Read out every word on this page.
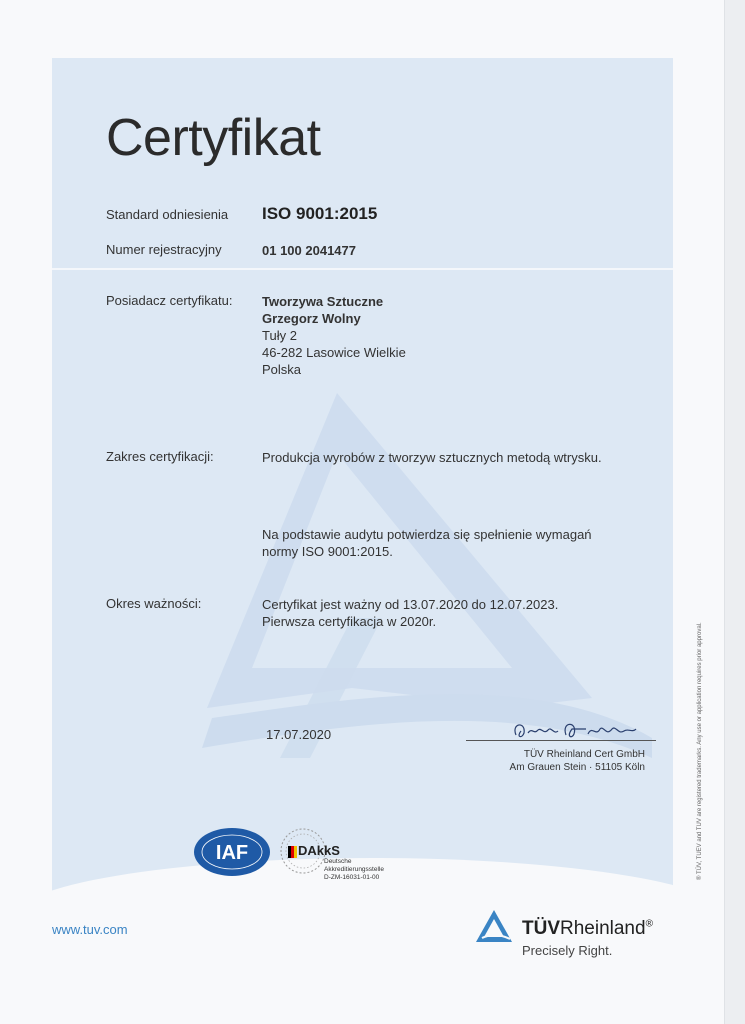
Certyfikat
Standard odniesienia ISO 9001:2015
Numer rejestracyjny	01 100 2041477
Posiadacz certyfikatu: Tworzywa Sztuczne
Grzegorz Wolny
Tuły 2
46-282 Lasowice Wielkie
Polska
Zakres certyfikacji:	Produkcja wyrobów z tworzyw sztucznych metodą wtrysku.
Na podstawie audytu potwierdza się spełnienie wymagań
normy ISO 9001:2015.
Okres ważności:	Certyfikat jest ważny od 13.07.2020 do 12.07.2023.
Pierwsza certyfikacja w 2020r.
17.07.2020
TÜV Rheinland Cert GmbH
Am Grauen Stein · 51105 Köln
IAF	DAkkS
Deutsche
Akkreditierungsstelle
D-ZM-16031-01-00
www.tuv.com	TÜVRheinland®
Precisely Right.
® TÜV, TUEV and TUV are registered trademarks. Any use or application requires prior approval.
